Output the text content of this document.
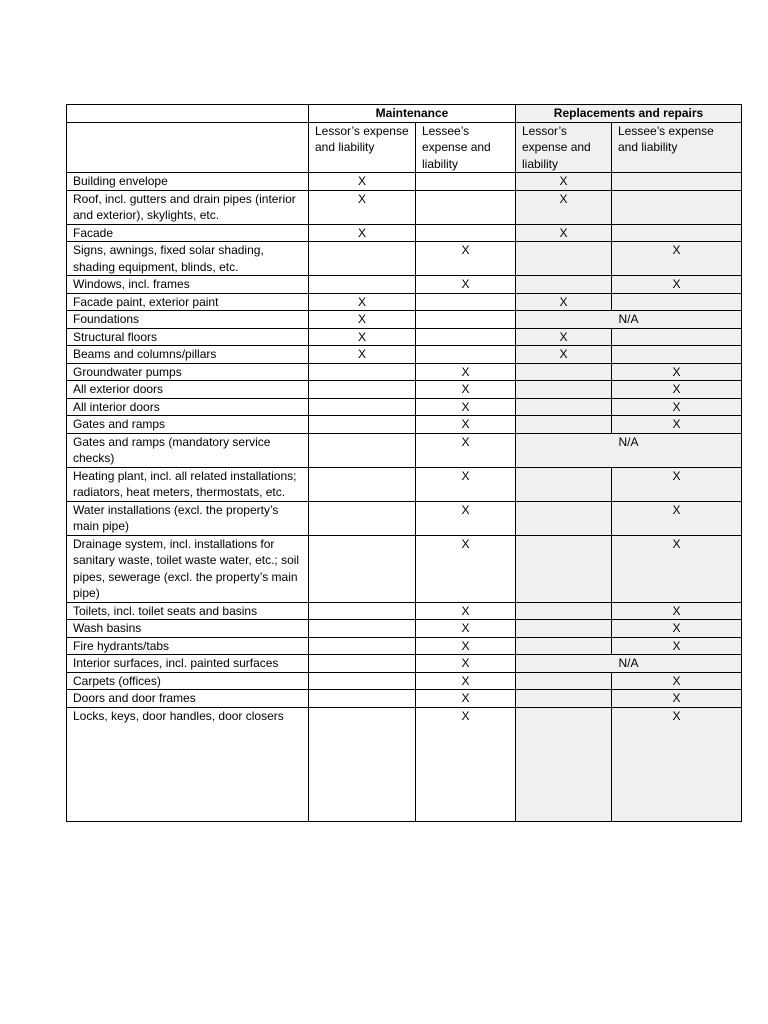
	Maintenance		Replacements and repairs	
	Lessor’s expense and liability	Lessee’s expense and liability	Lessor’s expense and liability	Lessee’s expense and liability
Building envelope	X		X	
Roof, incl. gutters and drain pipes (interior and exterior), skylights, etc.	X		X	
Facade	X		X	
Signs, awnings, fixed solar shading, shading equipment, blinds, etc.		X		X
Windows, incl. frames		X		X
Facade paint, exterior paint	X		X	
Foundations	X		N/A	
Structural floors	X		X	
Beams and columns/pillars	X		X	
Groundwater pumps		X		X
All exterior doors		X		X
All interior doors		X		X
Gates and ramps		X		X
Gates and ramps (mandatory service checks)		X	N/A	
Heating plant, incl. all related installations; radiators, heat meters, thermostats, etc.		X		X
Water installations (excl. the property’s main pipe)		X		X
Drainage system, incl. installations for sanitary waste, toilet waste water, etc.; soil pipes, sewerage (excl. the property’s main pipe)		X		X
Toilets, incl. toilet seats and basins		X		X
Wash basins		X		X
Fire hydrants/tabs		X		X
Interior surfaces, incl. painted surfaces		X	N/A	
Carpets (offices)		X		X
Doors and door frames		X		X
Locks, keys, door handles, door closers		X		X
